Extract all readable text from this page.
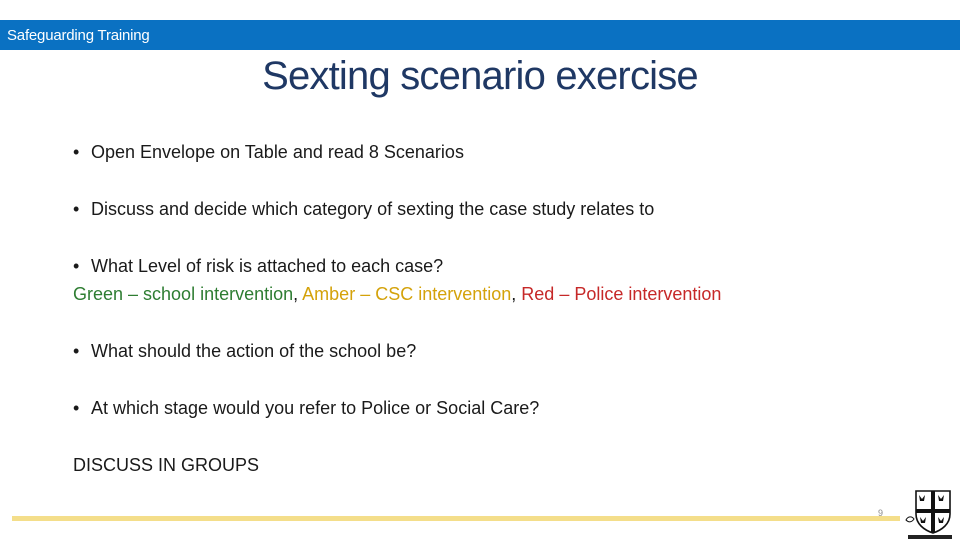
Safeguarding Training
Sexting scenario exercise
• Open Envelope on Table and read 8 Scenarios
• Discuss and decide which category of sexting the case study relates to
• What Level of risk is attached to each case?
Green – school intervention, Amber – CSC intervention, Red – Police intervention
• What should the action of the school be?
• At which stage would you refer to Police or Social Care?
DISCUSS IN GROUPS
9
